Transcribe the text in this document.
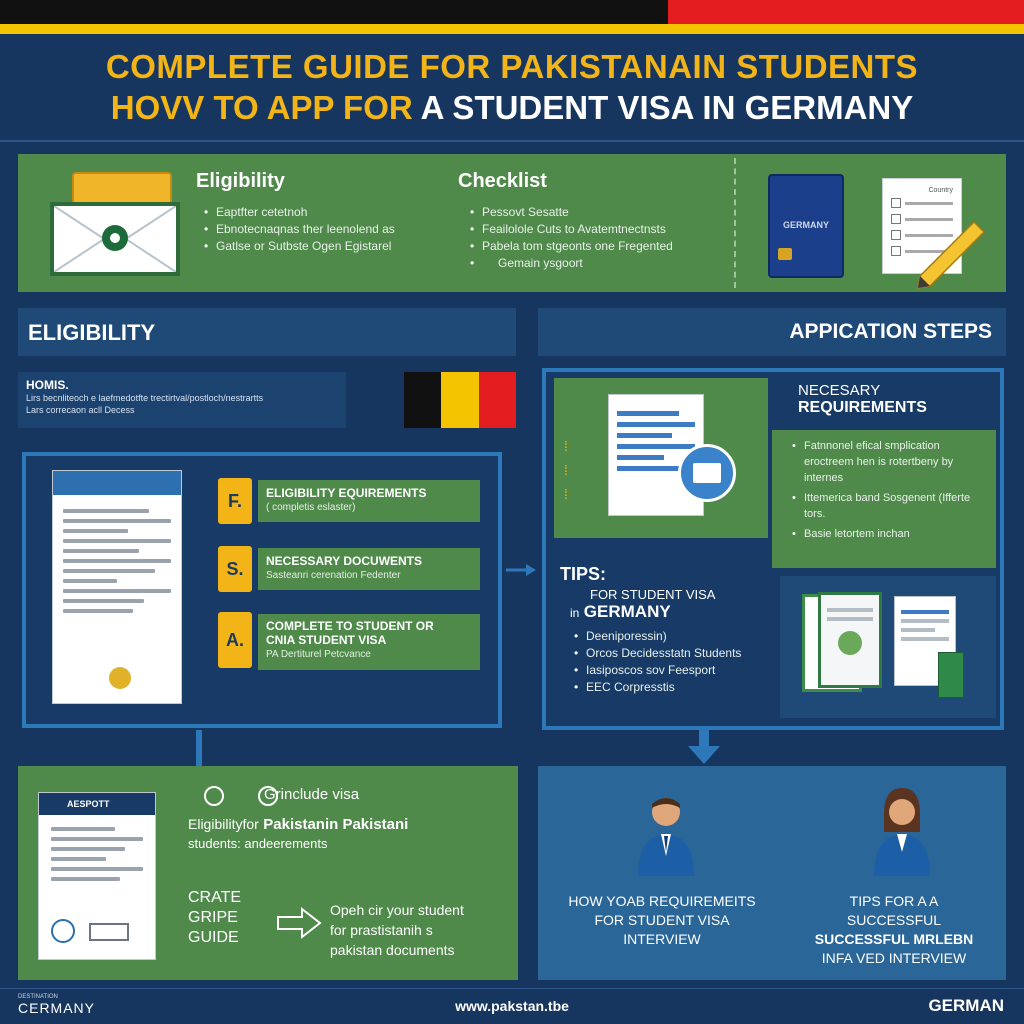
COMPLETE GUIDE FOR PAKISTANAIN STUDENTS
HOVV TO APP FOR A STUDENT VISA IN GERMANY
Eligibility
• Eaptfter cetetnoh
• Ebnotecnaqnas ther leenolend as
• Gatlse or Sutbste Ogen Egistarel
Checklist
• Pessovt Sesatte
• Feailolole Cuts to Avatemtnectnsts
• Pabela tom stgeonts one Fregented
• Gemain ysgoort
GERMANY
Country
ELIGIBILITY	APPICATION STEPS
HOMIS.
Lirs becnliteoch e laefmedotfte trectirtval/postloch/nestrartts
Lars correcaon acll Decess
F.	ELIGIBILITY EQUIREMENTS
( completis eslaster)
S.	NECESSARY DOCUWENTS
Sasteanri cerenation Fedenter
A.
COMPLETE TO STUDENT OR
CNIA STUDENT VISA
PA Dertiturel Petcvance
⁞
⁞
⁞
NECESARY
REQUIREMENTS
• Fatnnonel efical smplication eroctreem hen is rotertbeny by internes
• Ittemerica band Sosgenent (Ifferte tors.
• Basie letortem inchan
TIPS:
FOR STUDENT VISA
in GERMANY
• Deeniporessin)
• Orcos Decidesstatn Students
• Iasiposcos sov Feesport
• EEC Corpresstis
AESPOTT
Grinclude visa
Eligibilityfor Pakistanin Pakistani
students: andeerements
CRATE
GRIPE
GUIDE
Opeh cir your student
for prastistanih s
pakistan documents
HOW YOAB REQUIREMEITS
FOR STUDENT VISA
INTERVIEW
TIPS FOR A A
SUCCESSFUL
SUCCESSFUL MRLEBN
INFA VED INTERVIEW
DESTINATION
CERMANY	www.pakstan.tbe	GERMAN
